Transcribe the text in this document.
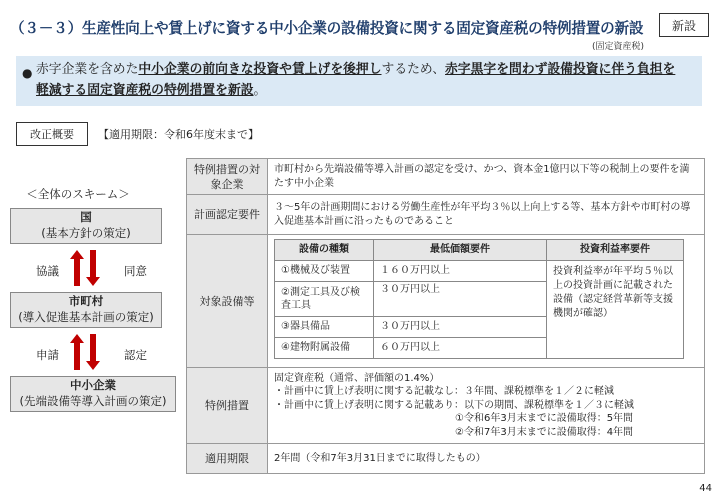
（３－３）生産性向上や賃上げに資する中小企業の設備投資に関する固定資産税の特例措置の新設	新設
(固定資産税)
● 赤字企業を含めた中小企業の前向きな投資や賃上げを後押しするため、赤字黒字を問わず設備投資に伴う負担を軽減する固定資産税の特例措置を新設。
改正概要	【適用期限：令和6年度末まで】
＜全体のスキーム＞
国
(基本方針の策定)
協議	同意
市町村
(導入促進基本計画の策定)
申請	認定
中小企業
(先端設備等導入計画の策定)
特例措置の対象企業	市町村から先端設備等導入計画の認定を受け、かつ、資本金1億円以下等の税制上の要件を満たす中小企業
計画認定要件	３～5年の計画期間における労働生産性が年平均３％以上向上する等、基本方針や市町村の導入促進基本計画に沿ったものであること
対象設備等	
設備の種類	最低価額要件	投資利益率要件
①機械及び装置	１６０万円以上	投資利益率が年平均５％以上の投資計画に記載された設備（認定経営革新等支援機関が確認）
②測定工具及び検査工具	３０万円以上
③器具備品	３０万円以上
④建物附属設備	６０万円以上

特例措置	
固定資産税（通常、評価額の1.4%）
・計画中に賃上げ表明に関する記載なし：３年間、課税標準を１／２に軽減
・計画中に賃上げ表明に関する記載あり：以下の期間、課税標準を１／３に軽減
①令和6年3月末までに設備取得：5年間
②令和7年3月末までに設備取得：4年間

適用期限	2年間（令和7年3月31日までに取得したもの）
44
